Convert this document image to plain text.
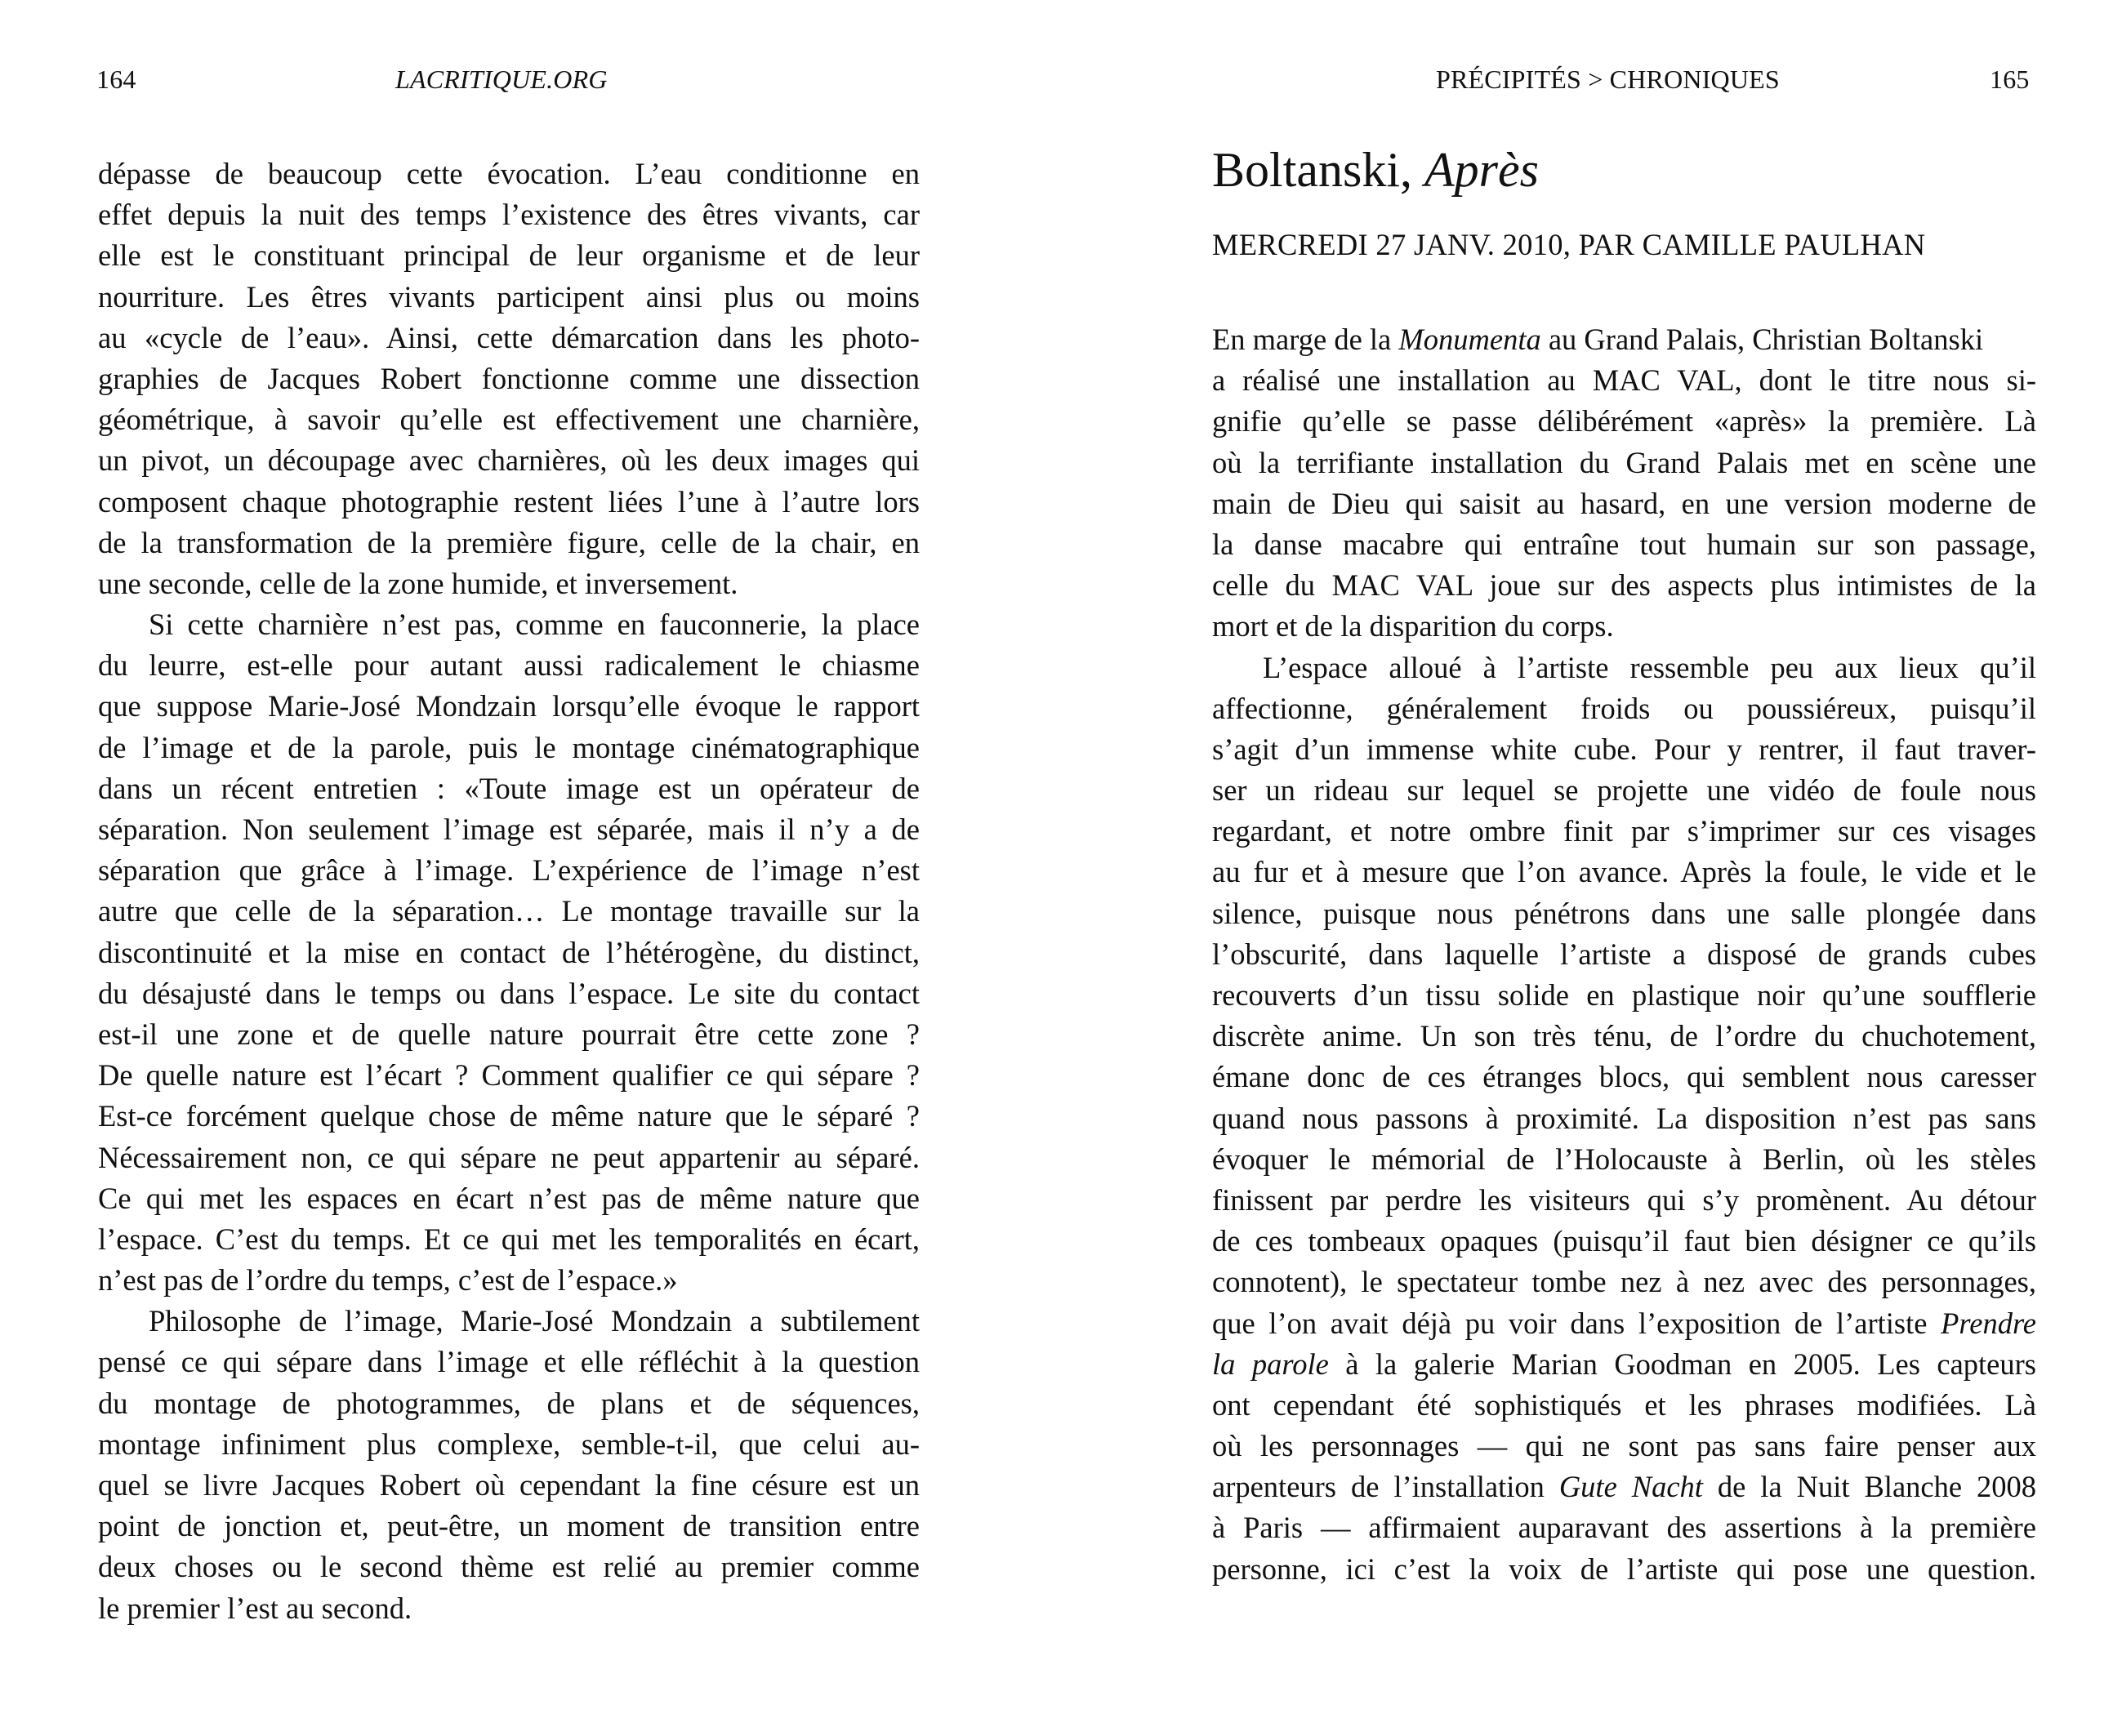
164	LACRITIQUE.ORG	PRÉCIPITÉS > CHRONIQUES	165
dépasse de beaucoup cette évocation. L’eau conditionne en
effet depuis la nuit des temps l’existence des êtres vivants, car
elle est le constituant principal de leur organisme et de leur
nourriture. Les êtres vivants participent ainsi plus ou moins
au «cycle de l’eau». Ainsi, cette démarcation dans les photo-
graphies de Jacques Robert fonctionne comme une dissection
géométrique, à savoir qu’elle est effectivement une charnière,
un pivot, un découpage avec charnières, où les deux images qui
composent chaque photographie restent liées l’une à l’autre lors
de la transformation de la première figure, celle de la chair, en
une seconde, celle de la zone humide, et inversement.
Si cette charnière n’est pas, comme en fauconnerie, la place
du leurre, est-elle pour autant aussi radicalement le chiasme
que suppose Marie-José Mondzain lorsqu’elle évoque le rapport
de l’image et de la parole, puis le montage cinématographique
dans un récent entretien : «Toute image est un opérateur de
séparation. Non seulement l’image est séparée, mais il n’y a de
séparation que grâce à l’image. L’expérience de l’image n’est
autre que celle de la séparation… Le montage travaille sur la
discontinuité et la mise en contact de l’hétérogène, du distinct,
du désajusté dans le temps ou dans l’espace. Le site du contact
est-il une zone et de quelle nature pourrait être cette zone ?
De quelle nature est l’écart ? Comment qualifier ce qui sépare ?
Est-ce forcément quelque chose de même nature que le séparé ?
Nécessairement non, ce qui sépare ne peut appartenir au séparé.
Ce qui met les espaces en écart n’est pas de même nature que
l’espace. C’est du temps. Et ce qui met les temporalités en écart,
n’est pas de l’ordre du temps, c’est de l’espace.»
Philosophe de l’image, Marie-José Mondzain a subtilement
pensé ce qui sépare dans l’image et elle réfléchit à la question
du montage de photogrammes, de plans et de séquences,
montage infiniment plus complexe, semble-t-il, que celui au-
quel se livre Jacques Robert où cependant la fine césure est un
point de jonction et, peut-être, un moment de transition entre
deux choses ou le second thème est relié au premier comme
le premier l’est au second.
Boltanski, Après
MERCREDI 27 JANV. 2010, PAR CAMILLE PAULHAN
En marge de la Monumenta au Grand Palais, Christian Boltanski
a réalisé une installation au MAC VAL, dont le titre nous si-
gnifie qu’elle se passe délibérément «après» la première. Là
où la terrifiante installation du Grand Palais met en scène une
main de Dieu qui saisit au hasard, en une version moderne de
la danse macabre qui entraîne tout humain sur son passage,
celle du MAC VAL joue sur des aspects plus intimistes de la
mort et de la disparition du corps.
L’espace alloué à l’artiste ressemble peu aux lieux qu’il
affectionne, généralement froids ou poussiéreux, puisqu’il
s’agit d’un immense white cube. Pour y rentrer, il faut traver-
ser un rideau sur lequel se projette une vidéo de foule nous
regardant, et notre ombre finit par s’imprimer sur ces visages
au fur et à mesure que l’on avance. Après la foule, le vide et le
silence, puisque nous pénétrons dans une salle plongée dans
l’obscurité, dans laquelle l’artiste a disposé de grands cubes
recouverts d’un tissu solide en plastique noir qu’une soufflerie
discrète anime. Un son très ténu, de l’ordre du chuchotement,
émane donc de ces étranges blocs, qui semblent nous caresser
quand nous passons à proximité. La disposition n’est pas sans
évoquer le mémorial de l’Holocauste à Berlin, où les stèles
finissent par perdre les visiteurs qui s’y promènent. Au détour
de ces tombeaux opaques (puisqu’il faut bien désigner ce qu’ils
connotent), le spectateur tombe nez à nez avec des personnages,
que l’on avait déjà pu voir dans l’exposition de l’artiste Prendre
la parole à la galerie Marian Goodman en 2005. Les capteurs
ont cependant été sophistiqués et les phrases modifiées. Là
où les personnages — qui ne sont pas sans faire penser aux
arpenteurs de l’installation Gute Nacht de la Nuit Blanche 2008
à Paris — affirmaient auparavant des assertions à la première
personne, ici c’est la voix de l’artiste qui pose une question.
